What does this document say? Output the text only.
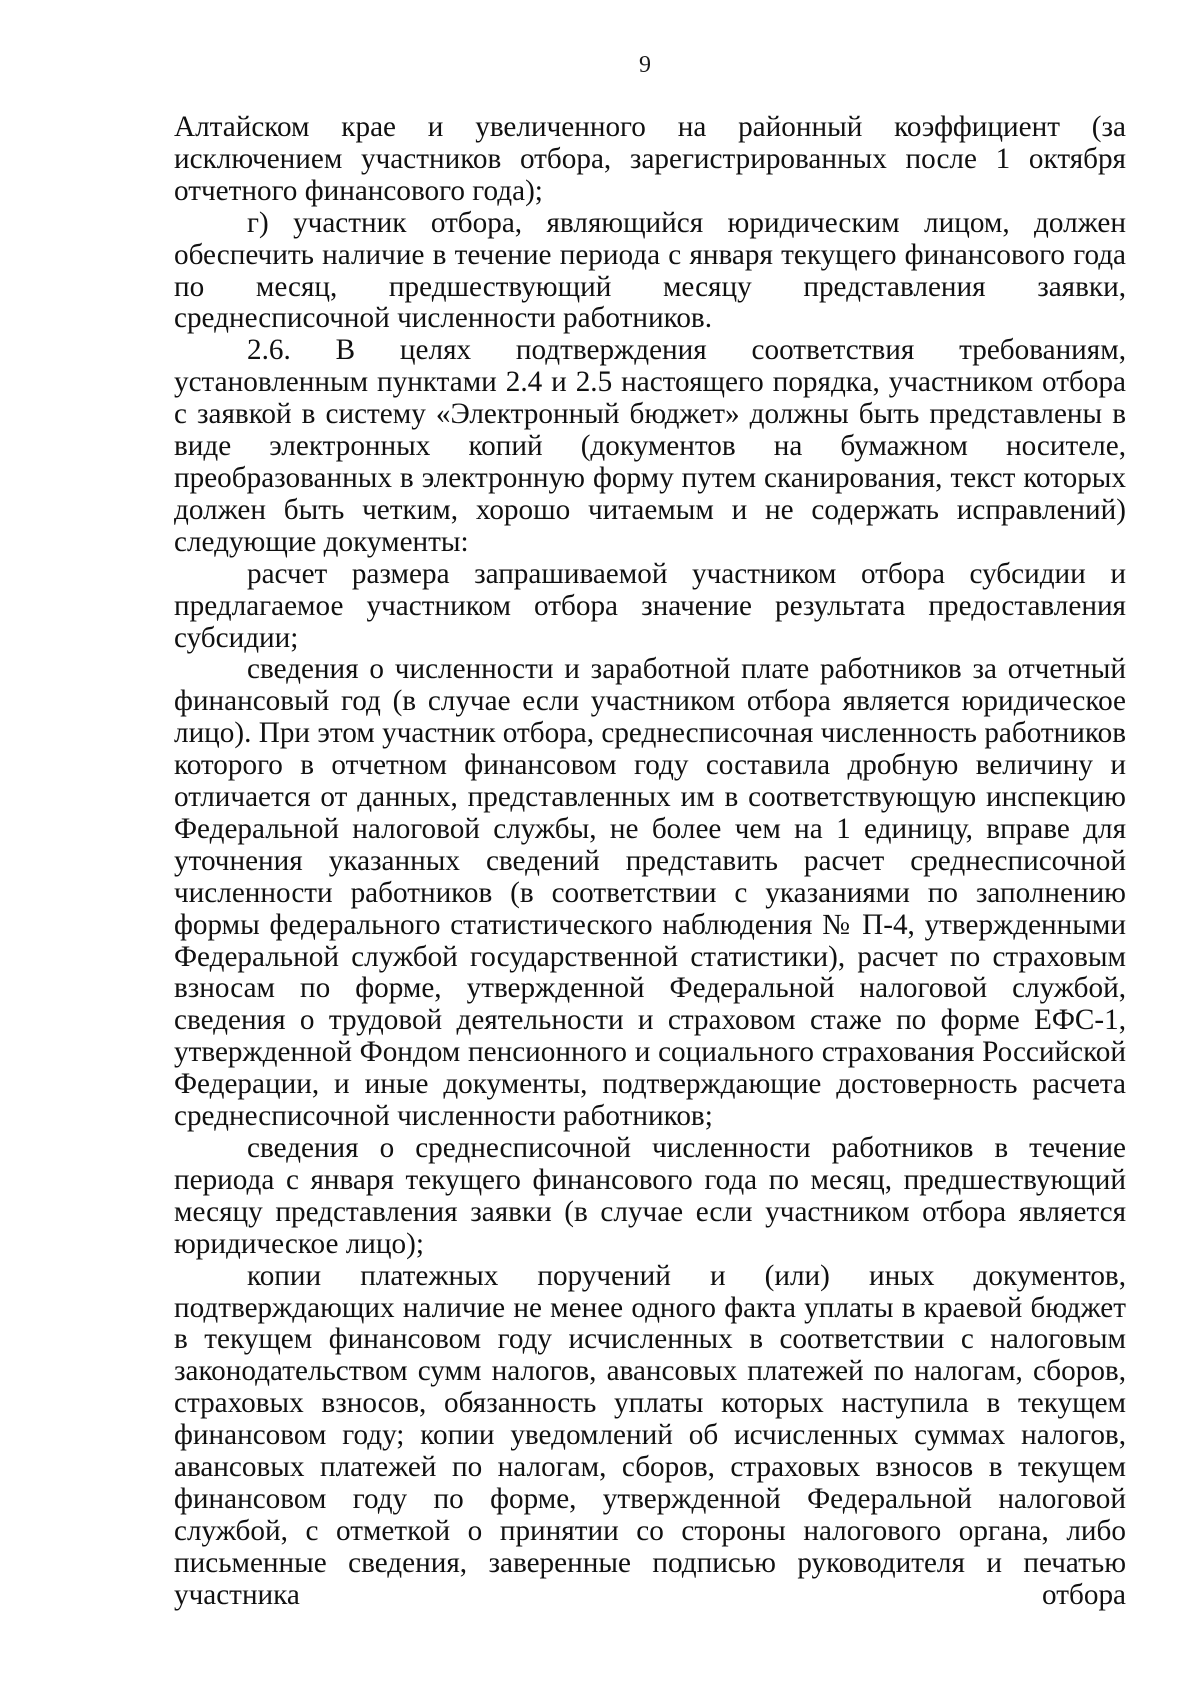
9

Алтайском крае и увеличенного на районный коэффициент (за исключением участников отбора, зарегистрированных после 1 октября отчетного финансового года);

г) участник отбора, являющийся юридическим лицом, должен обеспечить наличие в течение периода с января текущего финансового года по месяц, предшествующий месяцу представления заявки, среднесписочной численности работников.

2.6. В целях подтверждения соответствия требованиям, установленным пунктами 2.4 и 2.5 настоящего порядка, участником отбора с заявкой в систему «Электронный бюджет» должны быть представлены в виде электронных копий (документов на бумажном носителе, преобразованных в электронную форму путем сканирования, текст которых должен быть четким, хорошо читаемым и не содержать исправлений) следующие документы:

расчет размера запрашиваемой участником отбора субсидии и предлагаемое участником отбора значение результата предоставления субсидии;

сведения о численности и заработной плате работников за отчетный финансовый год (в случае если участником отбора является юридическое лицо). При этом участник отбора, среднесписочная численность работников которого в отчетном финансовом году составила дробную величину и отличается от данных, представленных им в соответствующую инспекцию Федеральной налоговой службы, не более чем на 1 единицу, вправе для уточнения указанных сведений представить расчет среднесписочной численности работников (в соответствии с указаниями по заполнению формы федерального статистического наблюдения № П-4, утвержденными Федеральной службой государственной статистики), расчет по страховым взносам по форме, утвержденной Федеральной налоговой службой, сведения о трудовой деятельности и страховом стаже по форме ЕФС-1, утвержденной Фондом пенсионного и социального страхования Российской Федерации, и иные документы, подтверждающие достоверность расчета среднесписочной численности работников;

сведения о среднесписочной численности работников в течение периода с января текущего финансового года по месяц, предшествующий месяцу представления заявки (в случае если участником отбора является юридическое лицо);

копии платежных поручений и (или) иных документов, подтверждающих наличие не менее одного факта уплаты в краевой бюджет в текущем финансовом году исчисленных в соответствии с налоговым законодательством сумм налогов, авансовых платежей по налогам, сборов, страховых взносов, обязанность уплаты которых наступила в текущем финансовом году; копии уведомлений об исчисленных суммах налогов, авансовых платежей по налогам, сборов, страховых взносов в текущем финансовом году по форме, утвержденной Федеральной налоговой службой, с отметкой о принятии со стороны налогового органа, либо письменные сведения, заверенные подписью руководителя и печатью участника отбора
